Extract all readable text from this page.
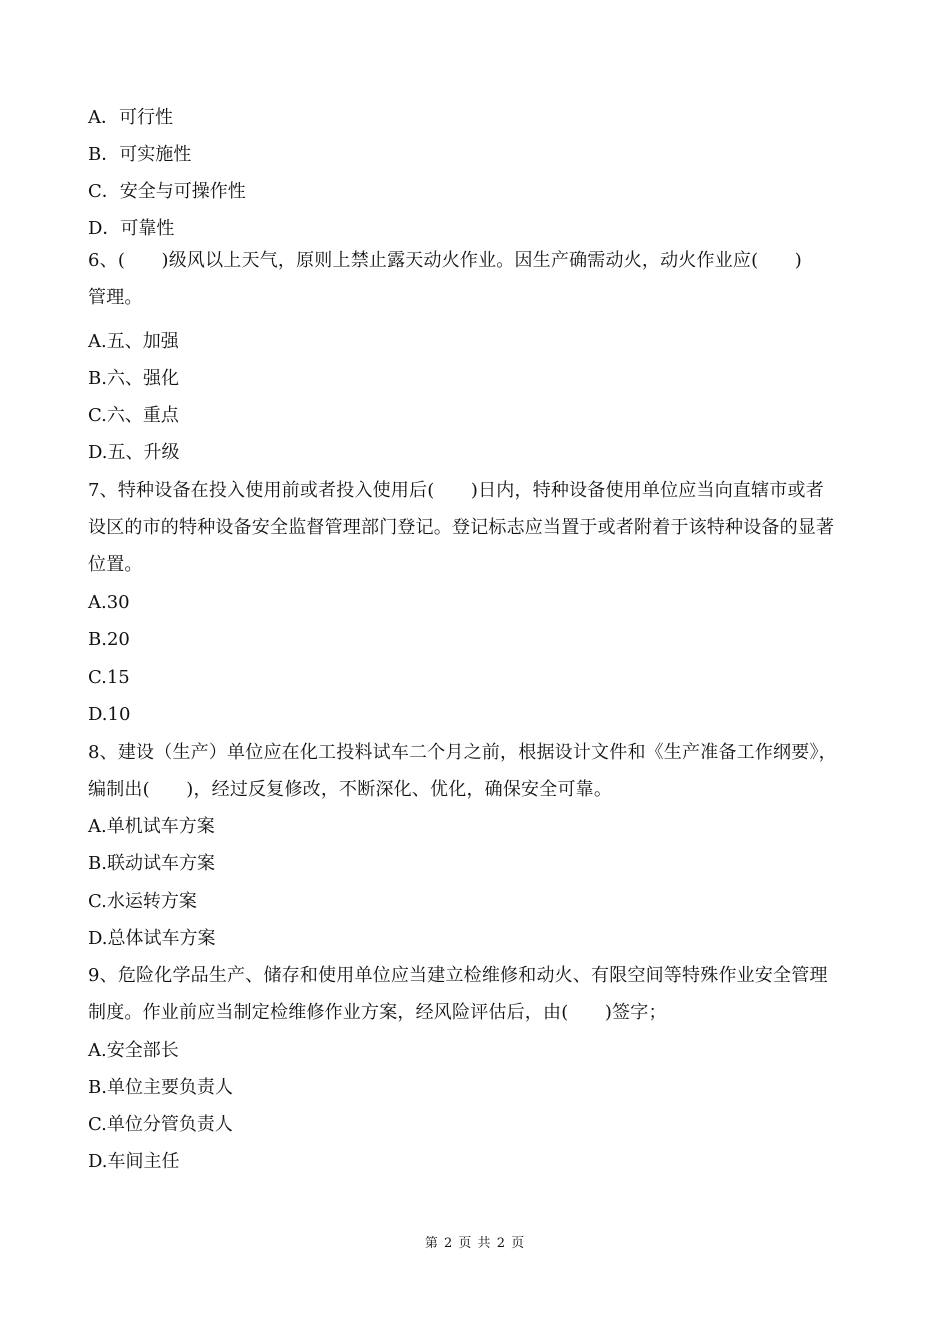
A．可行性
B．可实施性
C．安全与可操作性
D．可靠性
6、(　　)级风以上天气，原则上禁止露天动火作业。因生产确需动火，动火作业应(　　)
管理。
A.五、加强
B.六、强化
C.六、重点
D.五、升级
7、特种设备在投入使用前或者投入使用后(　　)日内，特种设备使用单位应当向直辖市或者
设区的市的特种设备安全监督管理部门登记。登记标志应当置于或者附着于该特种设备的显著
位置。
A.30
B.20
C.15
D.10
8、建设（生产）单位应在化工投料试车二个月之前，根据设计文件和《生产准备工作纲要》，
编制出(　　)，经过反复修改，不断深化、优化，确保安全可靠。
A.单机试车方案
B.联动试车方案
C.水运转方案
D.总体试车方案
9、危险化学品生产、储存和使用单位应当建立检维修和动火、有限空间等特殊作业安全管理
制度。作业前应当制定检维修作业方案，经风险评估后，由(　　)签字；
A.安全部长
B.单位主要负责人
C.单位分管负责人
D.车间主任
第 2 页 共 2 页
